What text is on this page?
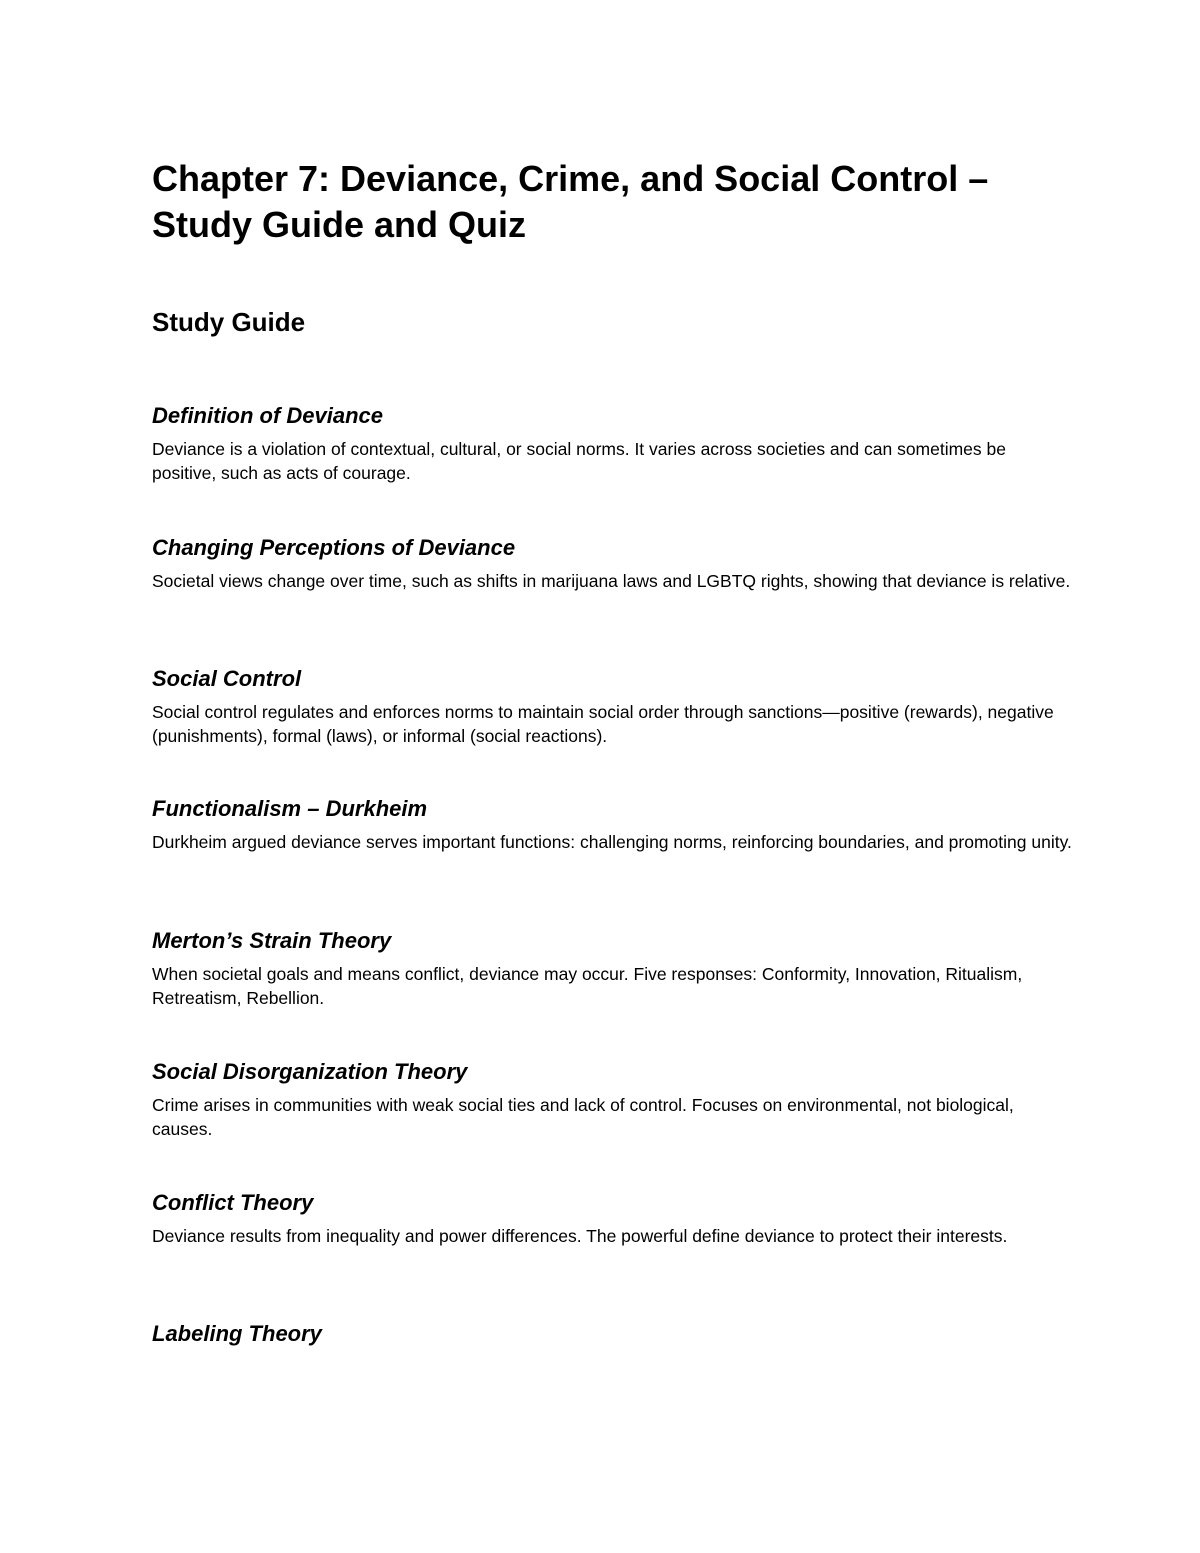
Chapter 7: Deviance, Crime, and Social Control – Study Guide and Quiz
Study Guide
Definition of Deviance

Deviance is a violation of contextual, cultural, or social norms. It varies across societies and can sometimes be positive, such as acts of courage.

Changing Perceptions of Deviance

Societal views change over time, such as shifts in marijuana laws and LGBTQ rights, showing that deviance is relative.

Social Control

Social control regulates and enforces norms to maintain social order through sanctions—positive (rewards), negative (punishments), formal (laws), or informal (social reactions).

Functionalism – Durkheim

Durkheim argued deviance serves important functions: challenging norms, reinforcing boundaries, and promoting unity.

Merton’s Strain Theory

When societal goals and means conflict, deviance may occur. Five responses: Conformity, Innovation, Ritualism, Retreatism, Rebellion.

Social Disorganization Theory

Crime arises in communities with weak social ties and lack of control. Focuses on environmental, not biological, causes.

Conflict Theory

Deviance results from inequality and power differences. The powerful define deviance to protect their interests.

Labeling Theory
